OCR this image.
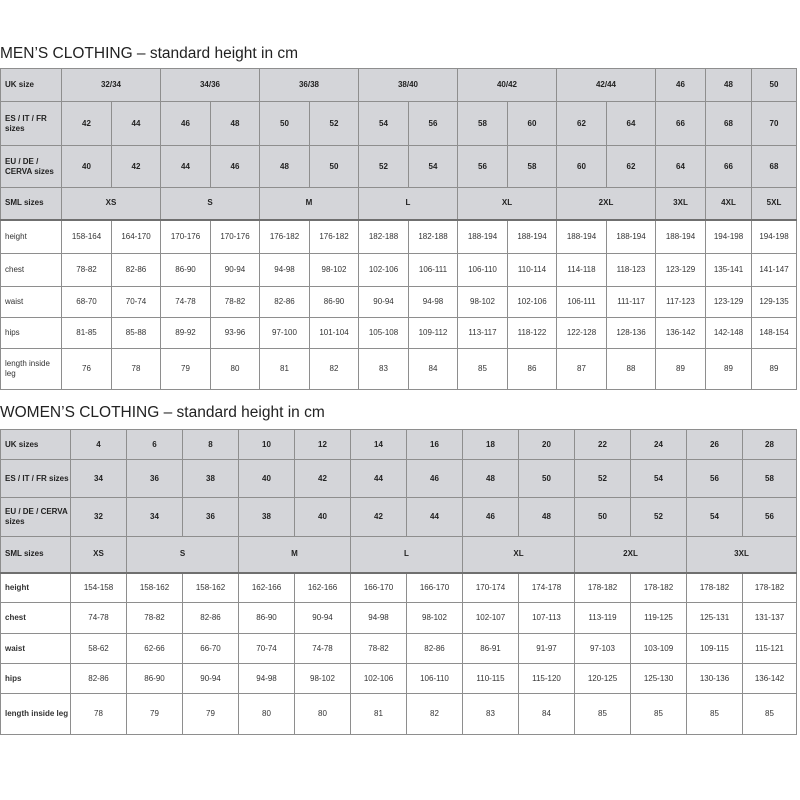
MEN’S CLOTHING – standard height in cm
UK size	32/34		34/36		36/38		38/40		40/42		42/44		46	48	50
ES / IT / FR sizes	42	44	46	48	50	52	54	56	58	60	62	64	66	68	70
EU / DE / CERVA sizes	40	42	44	46	48	50	52	54	56	58	60	62	64	66	68
SML sizes	XS		S		M		L		XL		2XL		3XL	4XL	5XL
height	158-164	164-170	170-176	170-176	176-182	176-182	182-188	182-188	188-194	188-194	188-194	188-194	188-194	194-198	194-198
chest	78-82	82-86	86-90	90-94	94-98	98-102	102-106	106-111	106-110	110-114	114-118	118-123	123-129	135-141	141-147
waist	68-70	70-74	74-78	78-82	82-86	86-90	90-94	94-98	98-102	102-106	106-111	111-117	117-123	123-129	129-135
hips	81-85	85-88	89-92	93-96	97-100	101-104	105-108	109-112	113-117	118-122	122-128	128-136	136-142	142-148	148-154
length inside leg	76	78	79	80	81	82	83	84	85	86	87	88	89	89	89
WOMEN’S CLOTHING – standard height in cm
UK sizes	4	6	8	10	12	14	16	18	20	22	24	26	28
ES / IT / FR sizes	34	36	38	40	42	44	46	48	50	52	54	56	58
EU / DE / CERVA sizes	32	34	36	38	40	42	44	46	48	50	52	54	56
SML sizes	XS	S		M		L		XL		2XL		3XL	
height	154-158	158-162	158-162	162-166	162-166	166-170	166-170	170-174	174-178	178-182	178-182	178-182	178-182
chest	74-78	78-82	82-86	86-90	90-94	94-98	98-102	102-107	107-113	113-119	119-125	125-131	131-137
waist	58-62	62-66	66-70	70-74	74-78	78-82	82-86	86-91	91-97	97-103	103-109	109-115	115-121
hips	82-86	86-90	90-94	94-98	98-102	102-106	106-110	110-115	115-120	120-125	125-130	130-136	136-142
length inside leg	78	79	79	80	80	81	82	83	84	85	85	85	85
